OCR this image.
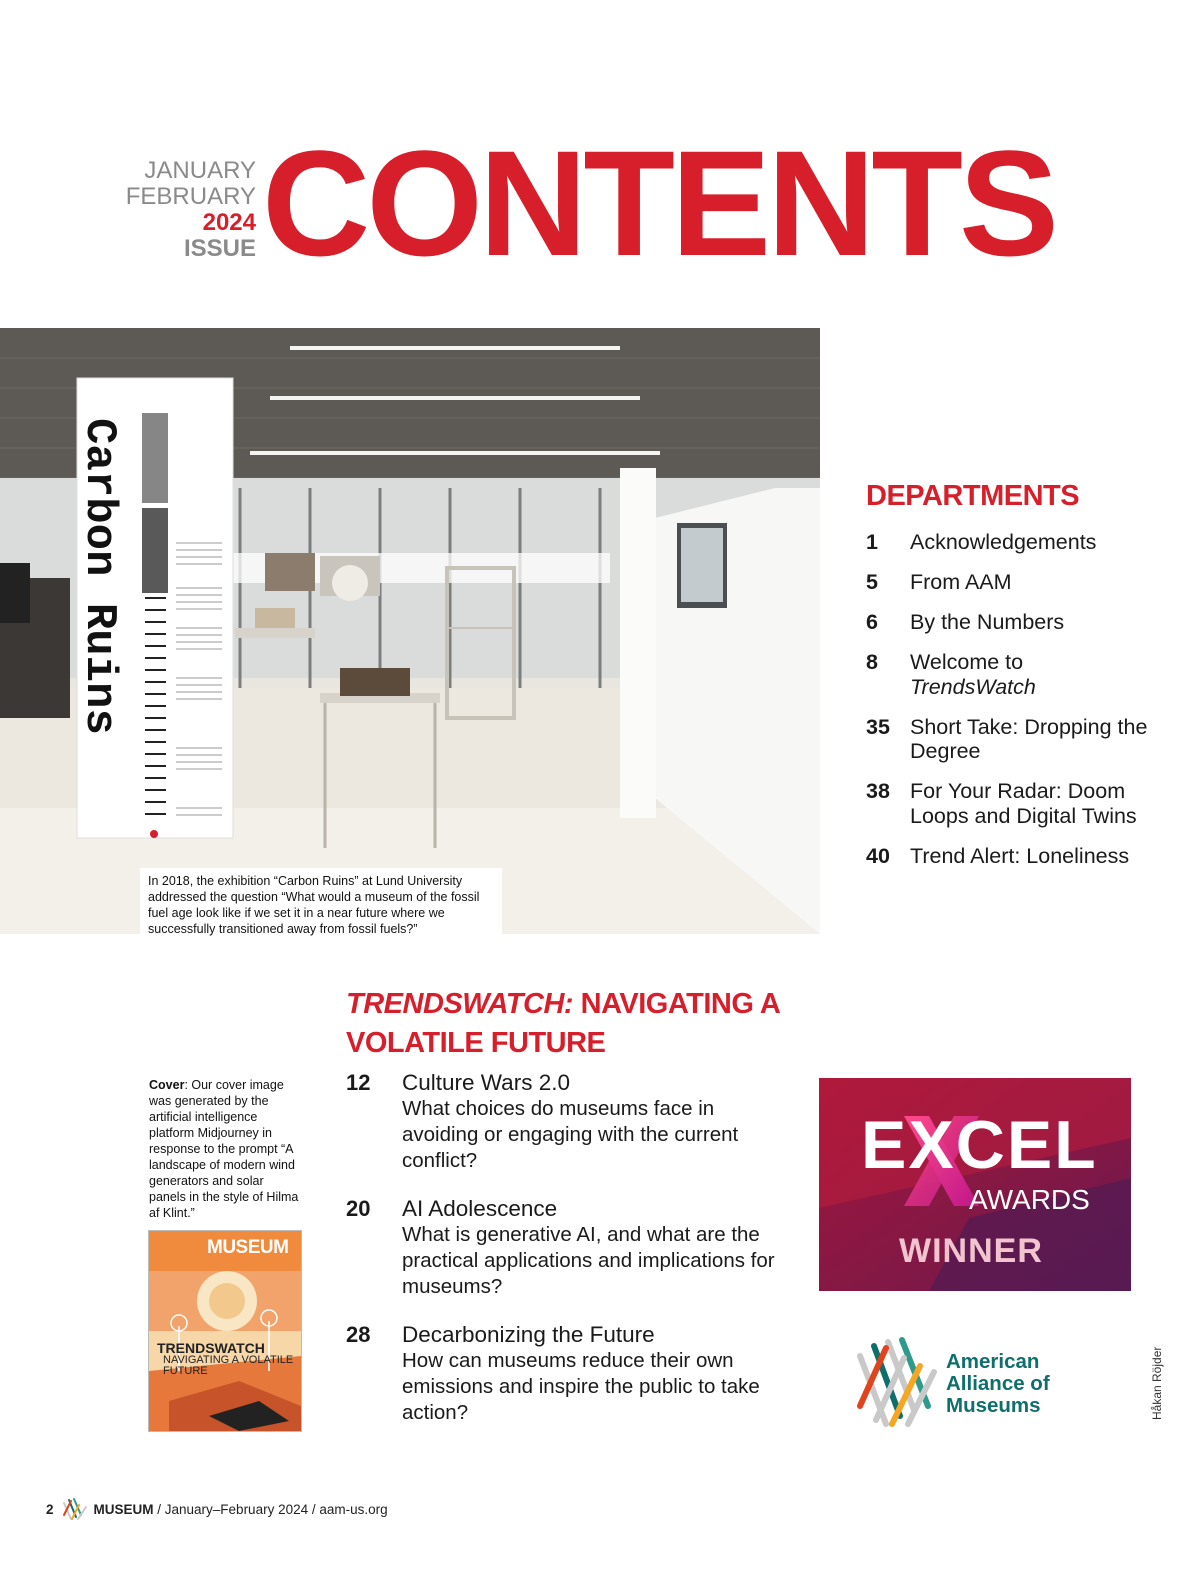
JANUARY
FEBRUARY
2024
ISSUE CONTENTS
Carbon Ruins
In 2018, the exhibition “Carbon Ruins” at Lund University addressed the question “What would a museum of the fossil fuel age look like if we set it in a near future where we successfully transitioned away from fossil fuels?”
DEPARTMENTS
1	Acknowledgements
5	From AAM
6	By the Numbers
8	Welcome to
TrendsWatch
35 Short Take: Dropping the Degree
38 For Your Radar: Doom Loops and Digital Twins
40 Trend Alert: Loneliness
TRENDSWATCH: NAVIGATING A VOLATILE FUTURE
12	Culture Wars 2.0
What choices do museums face in avoiding or engaging with the current conflict?
20	AI Adolescence
What is generative AI, and what are the practical applications and implications for museums?
28	Decarbonizing the Future
How can museums reduce their own emissions and inspire the public to take action?
Cover: Our cover image was generated by the artificial intelligence platform Midjourney in response to the prompt “A landscape of modern wind generators and solar panels in the style of Hilma af Klint.”
MUSEUM
TRENDSWATCH
NAVIGATING A VOLATILE FUTURE
EXCEL
AWARDS
WINNER
American
Alliance of
Museums	Håkan Röjder
2	MUSEUM / January–February 2024 / aam-us.org
